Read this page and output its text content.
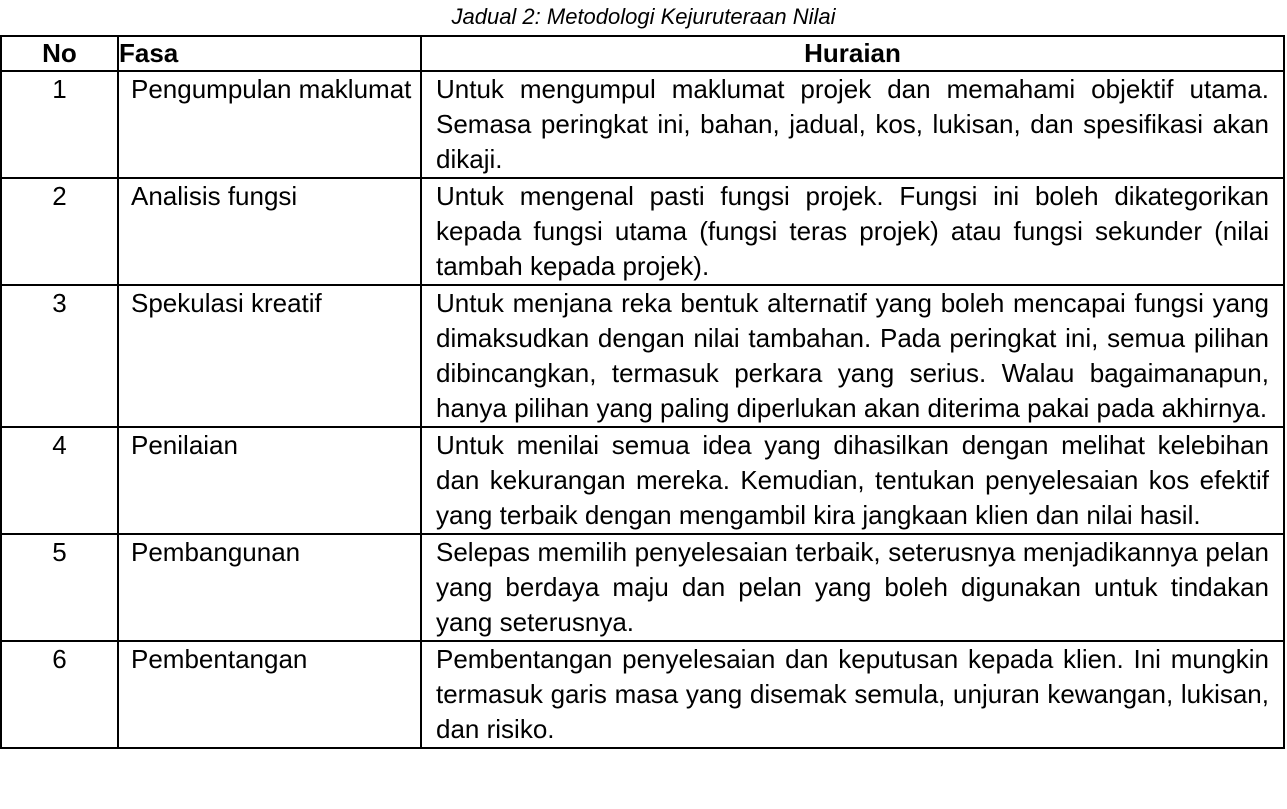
Jadual 2: Metodologi Kejuruteraan Nilai
No	Fasa	Huraian
1	Pengumpulan maklumat	Untuk mengumpul maklumat projek dan memahami objektif utama. Semasa peringkat ini, bahan, jadual, kos, lukisan, dan spesifikasi akan dikaji.
2	Analisis fungsi	Untuk mengenal pasti fungsi projek. Fungsi ini boleh dikategorikan kepada fungsi utama (fungsi teras projek) atau fungsi sekunder (nilai tambah kepada projek).
3	Spekulasi kreatif	Untuk menjana reka bentuk alternatif yang boleh mencapai fungsi yang dimaksudkan dengan nilai tambahan. Pada peringkat ini, semua pilihan dibincangkan, termasuk perkara yang serius. Walau bagaimanapun, hanya pilihan yang paling diperlukan akan diterima pakai pada akhirnya.
4	Penilaian	Untuk menilai semua idea yang dihasilkan dengan melihat kelebihan dan kekurangan mereka. Kemudian, tentukan penyelesaian kos efektif yang terbaik dengan mengambil kira jangkaan klien dan nilai hasil.
5	Pembangunan	Selepas memilih penyelesaian terbaik, seterusnya menjadikannya pelan yang berdaya maju dan pelan yang boleh digunakan untuk tindakan yang seterusnya.
6	Pembentangan	Pembentangan penyelesaian dan keputusan kepada klien. Ini mungkin termasuk garis masa yang disemak semula, unjuran kewangan, lukisan, dan risiko.
